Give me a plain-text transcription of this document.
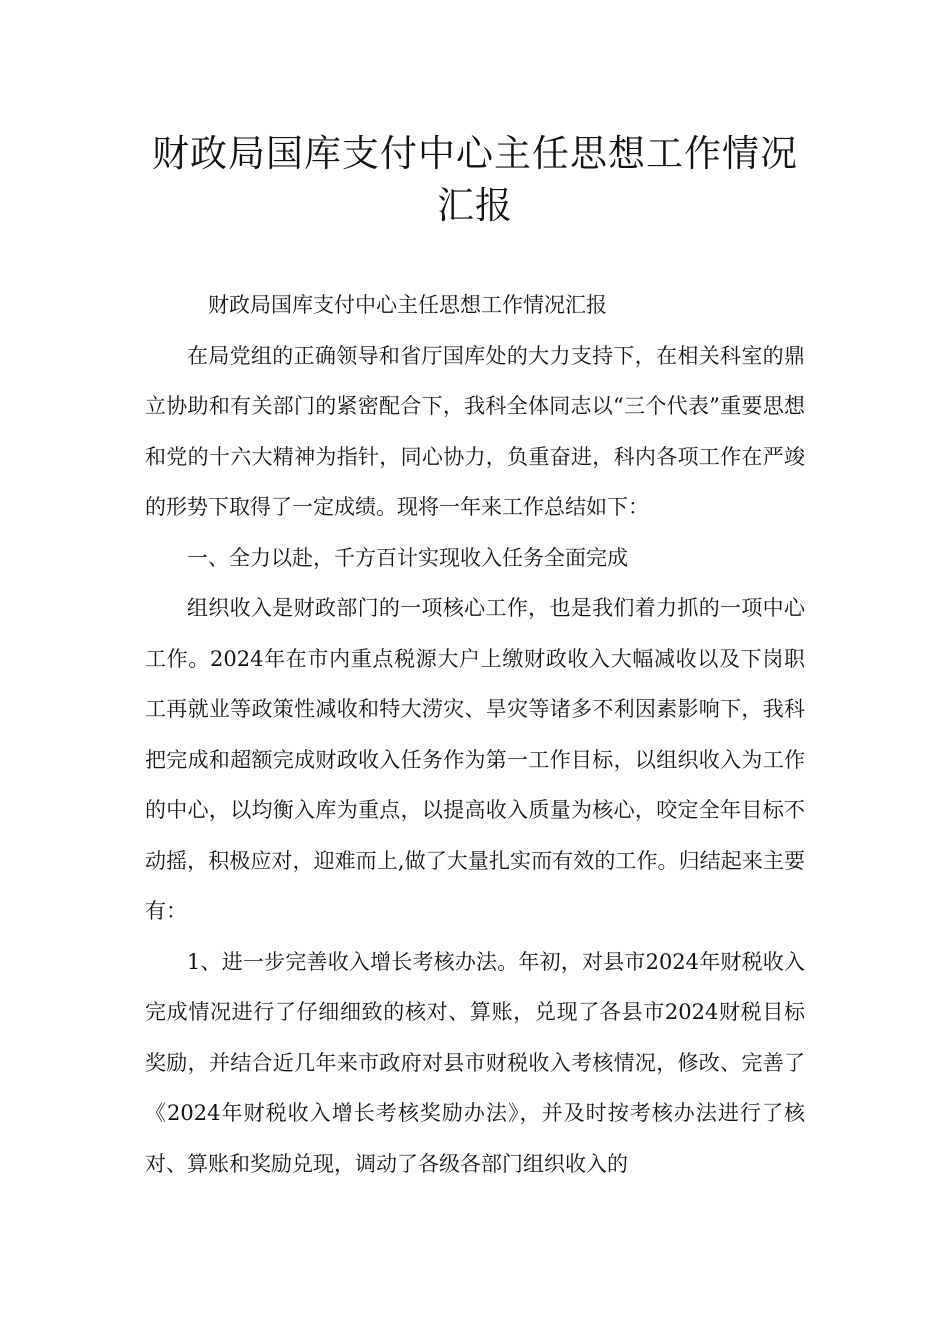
财政局国库支付中心主任思想工作情况
汇报

财政局国库支付中心主任思想工作情况汇报

在局党组的正确领导和省厅国库处的大力支持下，在相关科室的鼎立协助和有关部门的紧密配合下，我科全体同志以“三个代表”重要思想和党的十六大精神为指针，同心协力，负重奋进，科内各项工作在严竣的形势下取得了一定成绩。现将一年来工作总结如下：

一、全力以赴，千方百计实现收入任务全面完成

组织收入是财政部门的一项核心工作，也是我们着力抓的一项中心工作。2024年在市内重点税源大户上缴财政收入大幅减收以及下岗职工再就业等政策性减收和特大涝灾、旱灾等诸多不利因素影响下，我科把完成和超额完成财政收入任务作为第一工作目标，以组织收入为工作的中心，以均衡入库为重点，以提高收入质量为核心，咬定全年目标不动摇，积极应对，迎难而上,做了大量扎实而有效的工作。归结起来主要有：

1、进一步完善收入增长考核办法。年初，对县市2024年财税收入完成情况进行了仔细细致的核对、算账，兑现了各县市2024财税目标奖励，并结合近几年来市政府对县市财税收入考核情况，修改、完善了《2024年财税收入增长考核奖励办法》，并及时按考核办法进行了核对、算账和奖励兑现，调动了各级各部门组织收入的
